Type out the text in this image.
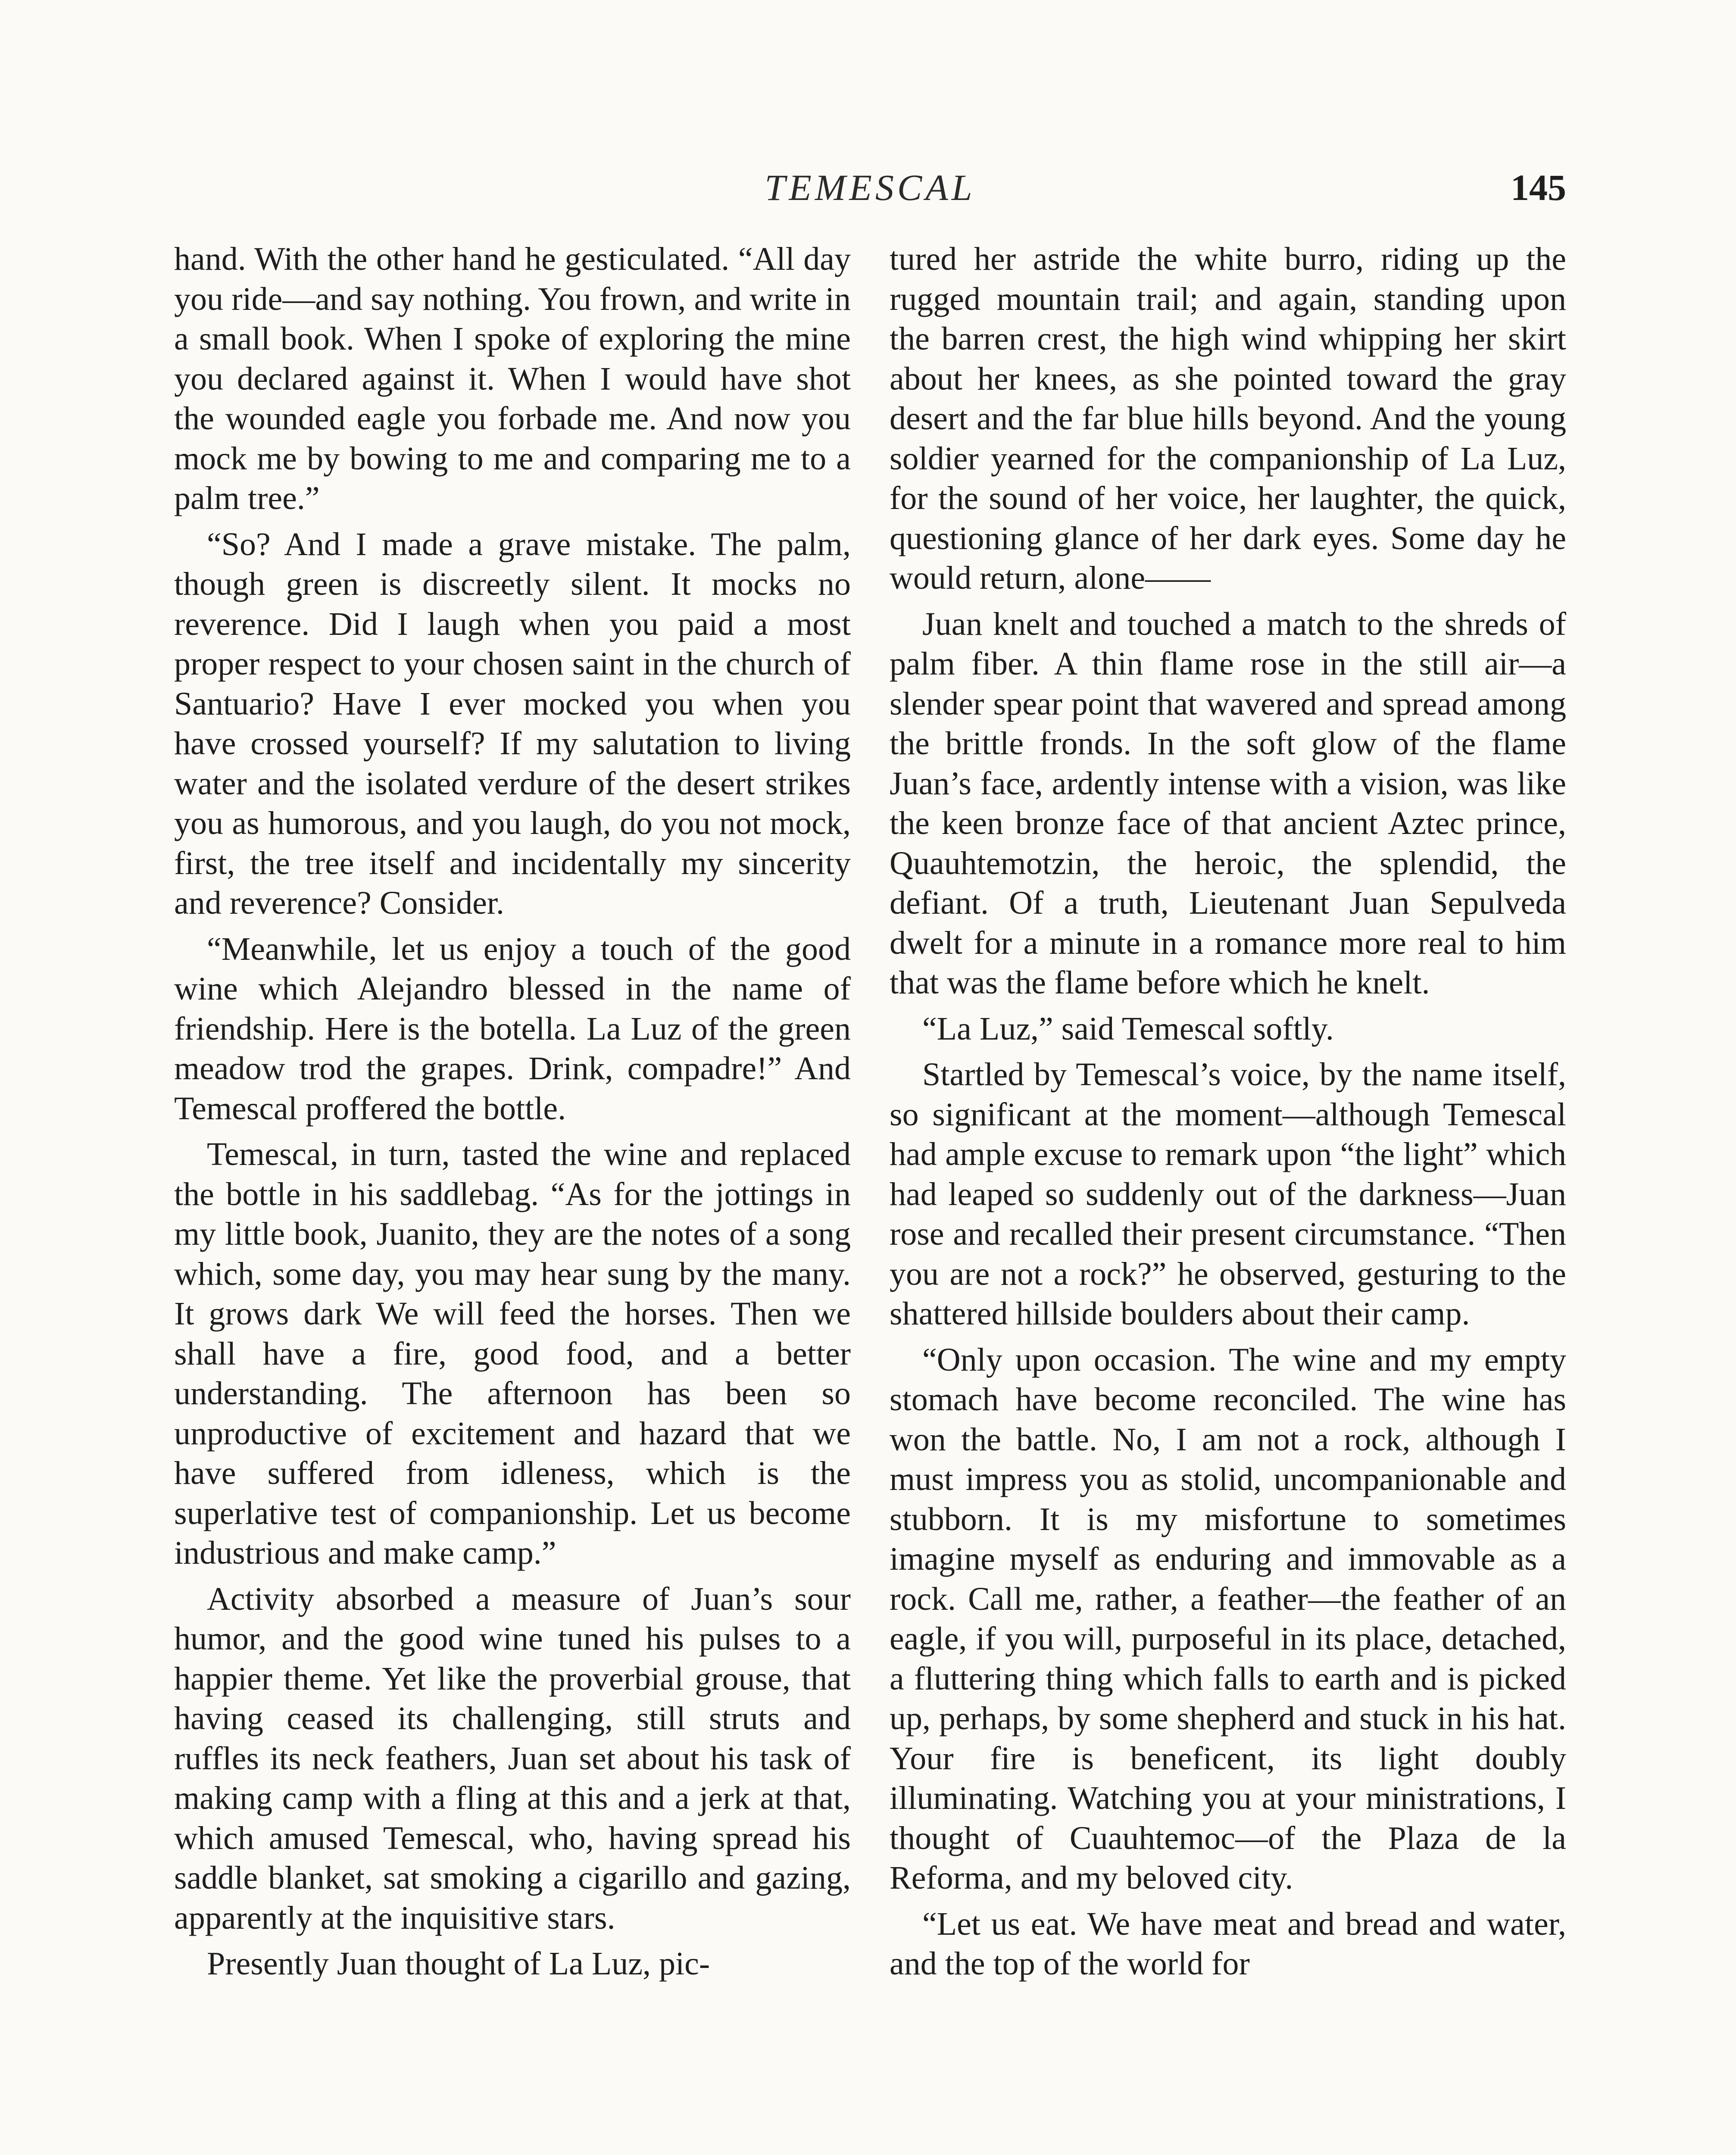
TEMESCAL	145

hand. With the other hand he gesticulated. “All day you ride—and say nothing. You frown, and write in a small book. When I spoke of exploring the mine you declared against it. When I would have shot the wounded eagle you forbade me. And now you mock me by bowing to me and comparing me to a palm tree.”

“So? And I made a grave mistake. The palm, though green is discreetly silent. It mocks no reverence. Did I laugh when you paid a most proper respect to your chosen saint in the church of Santuario? Have I ever mocked you when you have crossed yourself? If my salutation to living water and the isolated verdure of the desert strikes you as humorous, and you laugh, do you not mock, first, the tree itself and incidentally my sincerity and reverence? Consider.

“Meanwhile, let us enjoy a touch of the good wine which Alejandro blessed in the name of friendship. Here is the botella. La Luz of the green meadow trod the grapes. Drink, compadre!” And Temescal proffered the bottle.

Temescal, in turn, tasted the wine and replaced the bottle in his saddlebag. “As for the jottings in my little book, Juanito, they are the notes of a song which, some day, you may hear sung by the many. It grows dark We will feed the horses. Then we shall have a fire, good food, and a better understanding. The afternoon has been so unproductive of excitement and hazard that we have suffered from idleness, which is the superlative test of companionship. Let us become industrious and make camp.”

Activity absorbed a measure of Juan’s sour humor, and the good wine tuned his pulses to a happier theme. Yet like the proverbial grouse, that having ceased its challenging, still struts and ruffles its neck feathers, Juan set about his task of making camp with a fling at this and a jerk at that, which amused Temescal, who, having spread his saddle blanket, sat smoking a cigarillo and gazing, apparently at the inquisitive stars.

Presently Juan thought of La Luz, pic-

tured her astride the white burro, riding up the rugged mountain trail; and again, standing upon the barren crest, the high wind whipping her skirt about her knees, as she pointed toward the gray desert and the far blue hills beyond. And the young soldier yearned for the companionship of La Luz, for the sound of her voice, her laughter, the quick, questioning glance of her dark eyes. Some day he would return, alone——

Juan knelt and touched a match to the shreds of palm fiber. A thin flame rose in the still air—a slender spear point that wavered and spread among the brittle fronds. In the soft glow of the flame Juan’s face, ardently intense with a vision, was like the keen bronze face of that ancient Aztec prince, Quauhtemotzin, the heroic, the splendid, the defiant. Of a truth, Lieutenant Juan Sepulveda dwelt for a minute in a romance more real to him that was the flame before which he knelt.

“La Luz,” said Temescal softly.

Startled by Temescal’s voice, by the name itself, so significant at the moment—although Temescal had ample excuse to remark upon “the light” which had leaped so suddenly out of the darkness—Juan rose and recalled their present circumstance. “Then you are not a rock?” he observed, gesturing to the shattered hillside boulders about their camp.

“Only upon occasion. The wine and my empty stomach have become reconciled. The wine has won the battle. No, I am not a rock, although I must impress you as stolid, uncompanionable and stubborn. It is my misfortune to sometimes imagine myself as enduring and immovable as a rock. Call me, rather, a feather—the feather of an eagle, if you will, purposeful in its place, detached, a fluttering thing which falls to earth and is picked up, perhaps, by some shepherd and stuck in his hat. Your fire is beneficent, its light doubly illuminating. Watching you at your ministrations, I thought of Cuauhtemoc—of the Plaza de la Reforma, and my beloved city.

“Let us eat. We have meat and bread and water, and the top of the world for
